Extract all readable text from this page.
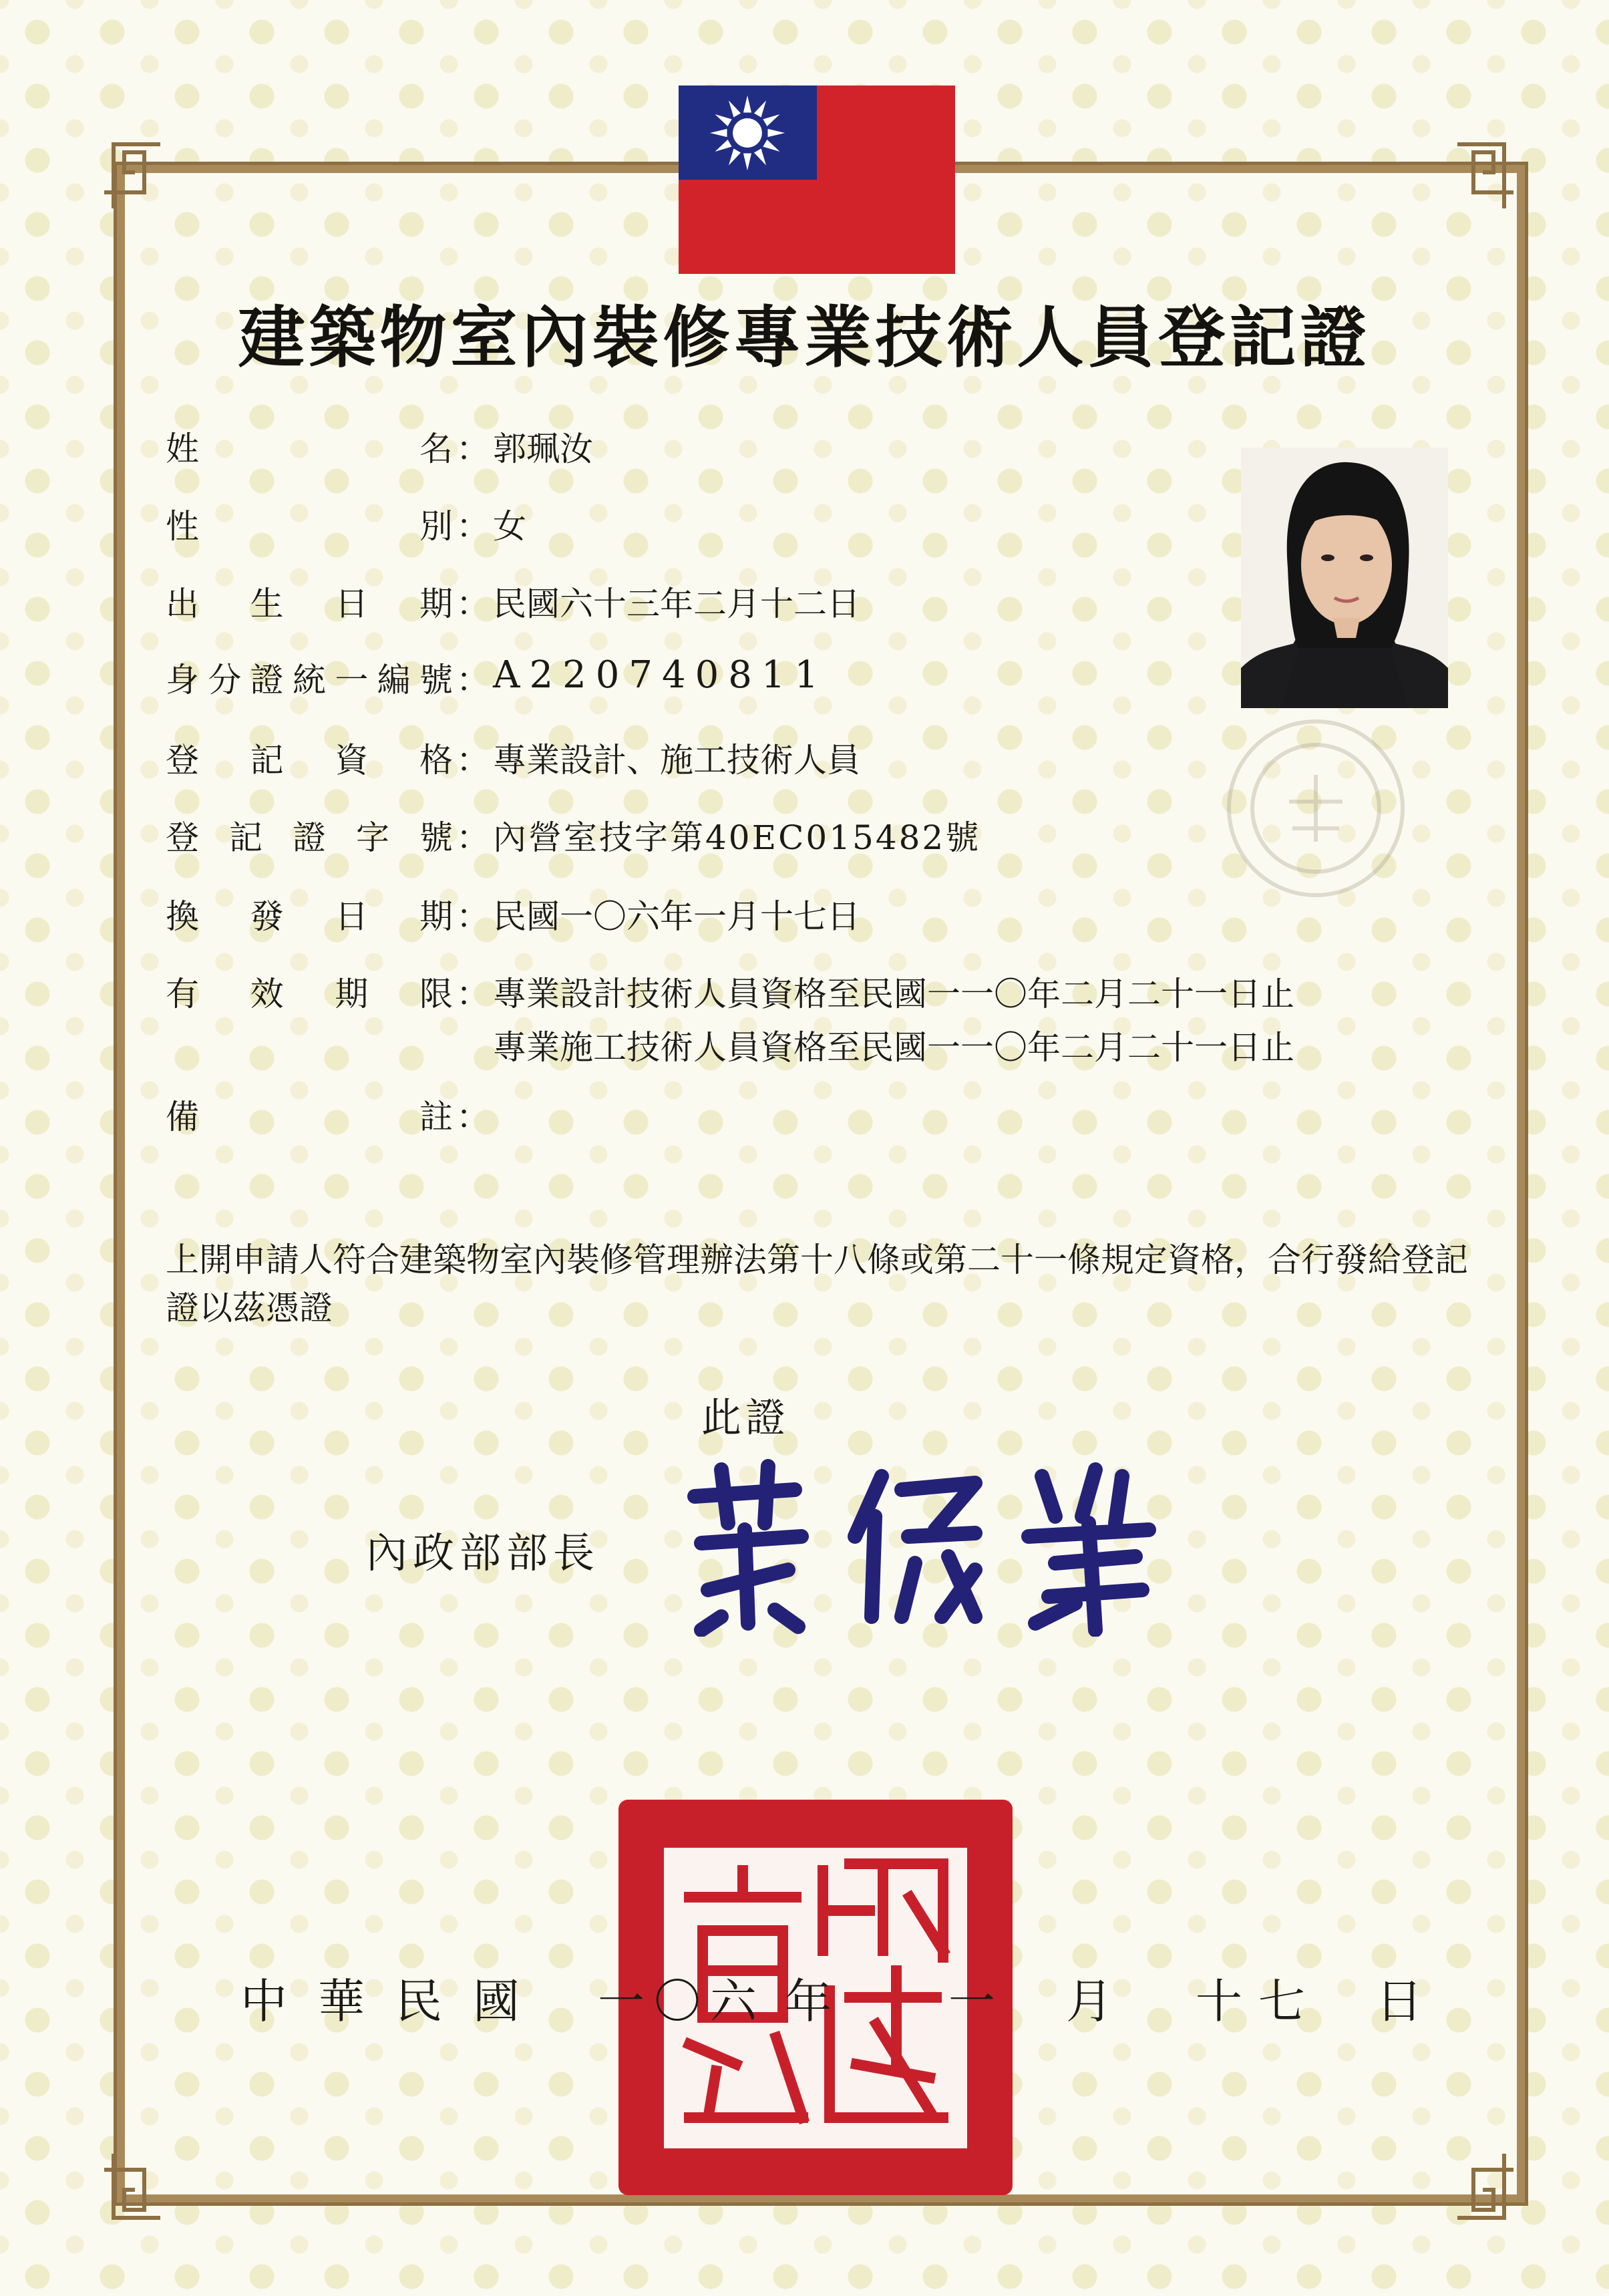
建築物室內裝修專業技術人員登記證
姓名 ： 郭珮汝
性別 ： 女
出生日期 ： 民國六十三年二月十二日
身分證統一編號 ：A220740811
登記資格 ： 專業設計、施工技術人員
登記證字號 ： 內營室技字第40EC015482號
換發日期 ： 民國一〇六年一月十七日
有效期限 ： 專業設計技術人員資格至民國一一〇年二月二十一日止
專業施工技術人員資格至民國一一〇年二月二十一日止
備註 ：
上開申請人符合建築物室內裝修管理辦法第十八條或第二十一條規定資格，合行發給登記證以茲憑證
此證
內政部部長
中華民國 一〇六 年	一 月 十七 日
